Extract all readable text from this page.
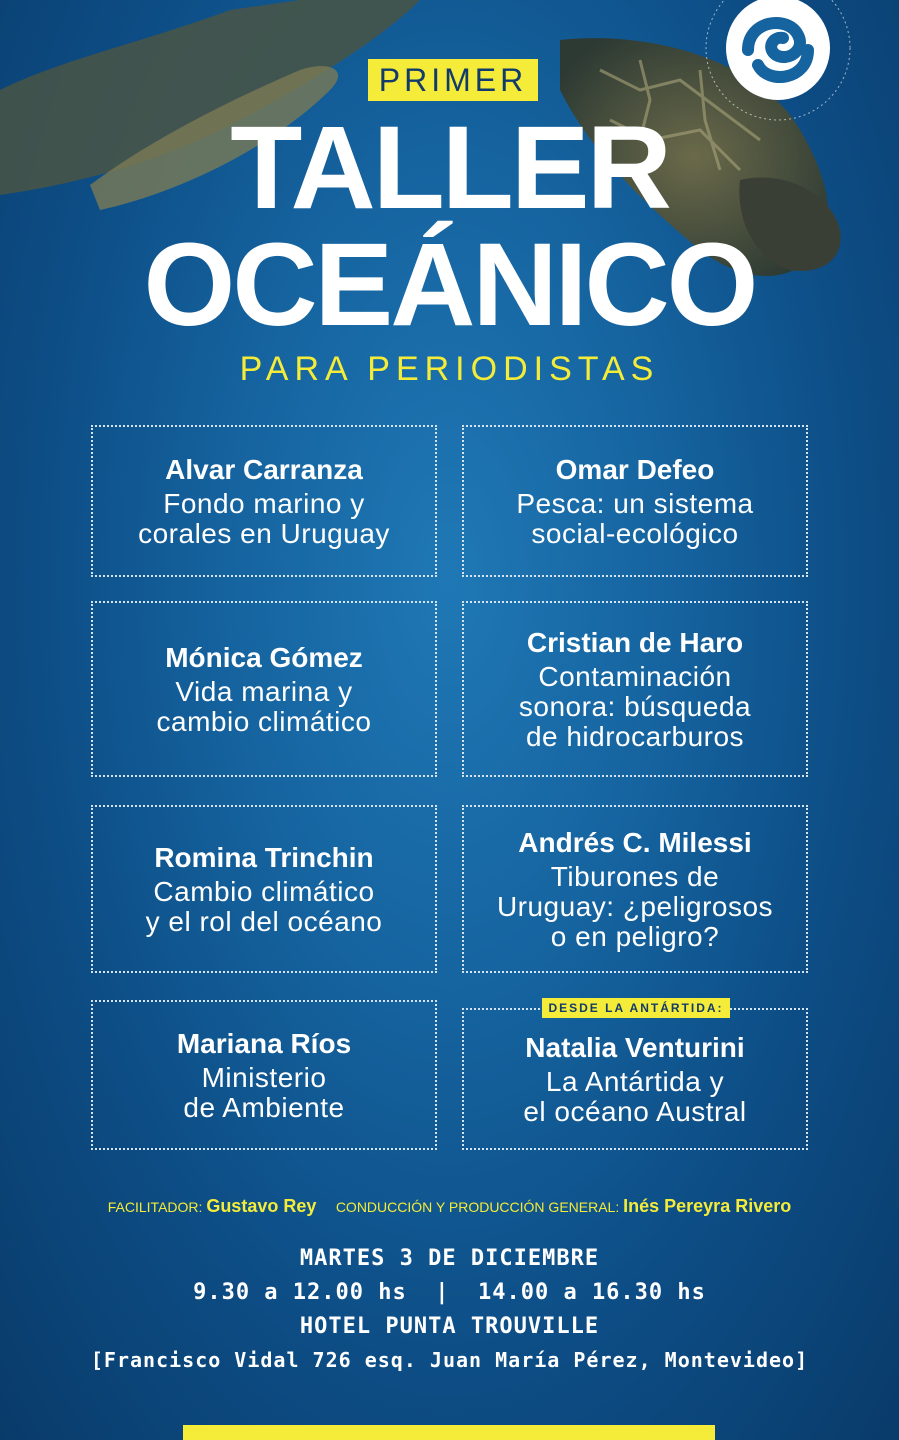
PRIMER
TALLER
OCEÁNICO
PARA PERIODISTAS
Alvar Carranza
Fondo marino y
corales en Uruguay
Omar Defeo
Pesca: un sistema
social-ecológico
Mónica Gómez
Vida marina y
cambio climático
Cristian de Haro
Contaminación
sonora: búsqueda
de hidrocarburos
Romina Trinchin
Cambio climático
y el rol del océano
Andrés C. Milessi
Tiburones de
Uruguay: ¿peligrosos
o en peligro?
Mariana Ríos
Ministerio
de Ambiente
Natalia Venturini
La Antártida y
el océano Austral
DESDE LA ANTÁRTIDA:
FACILITADOR: Gustavo Rey CONDUCCIÓN Y PRODUCCIÓN GENERAL: Inés Pereyra Rivero
MARTES 3 DE DICIEMBRE
9.30 a 12.00 hs  |  14.00 a 16.30 hs
HOTEL PUNTA TROUVILLE
[Francisco Vidal 726 esq. Juan María Pérez, Montevideo]
